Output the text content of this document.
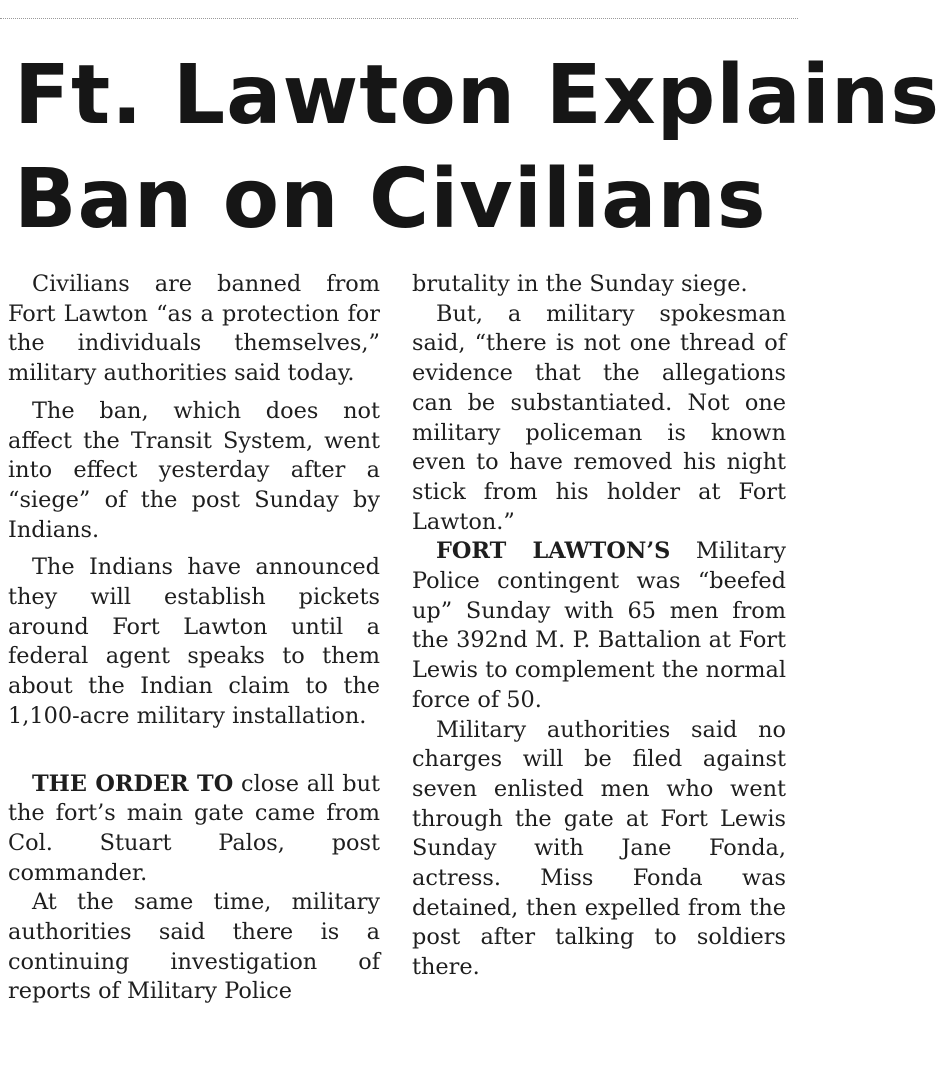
Ft. Lawton Explains
Ban on Civilians

Civilians are banned from Fort Lawton “as a protection for the individuals themselves,” military authorities said today.

The ban, which does not affect the Transit System, went into effect yesterday after a “siege” of the post Sunday by Indians.

The Indians have announced they will establish pickets around Fort Lawton until a federal agent speaks to them about the Indian claim to the 1,100-acre military installation.

THE ORDER TO close all but the fort’s main gate came from Col. Stuart Palos, post commander.

At the same time, military authorities said there is a continuing investigation of reports of Military Police

brutality in the Sunday siege.

But, a military spokesman said, “there is not one thread of evidence that the allegations can be substantiated. Not one military policeman is known even to have removed his night stick from his holder at Fort Lawton.”

FORT LAWTON’S Military Police contingent was “beefed up” Sunday with 65 men from the 392nd M. P. Battalion at Fort Lewis to complement the normal force of 50.

Military authorities said no charges will be filed against seven enlisted men who went through the gate at Fort Lewis Sunday with Jane Fonda, actress. Miss Fonda was detained, then expelled from the post after talking to soldiers there.
